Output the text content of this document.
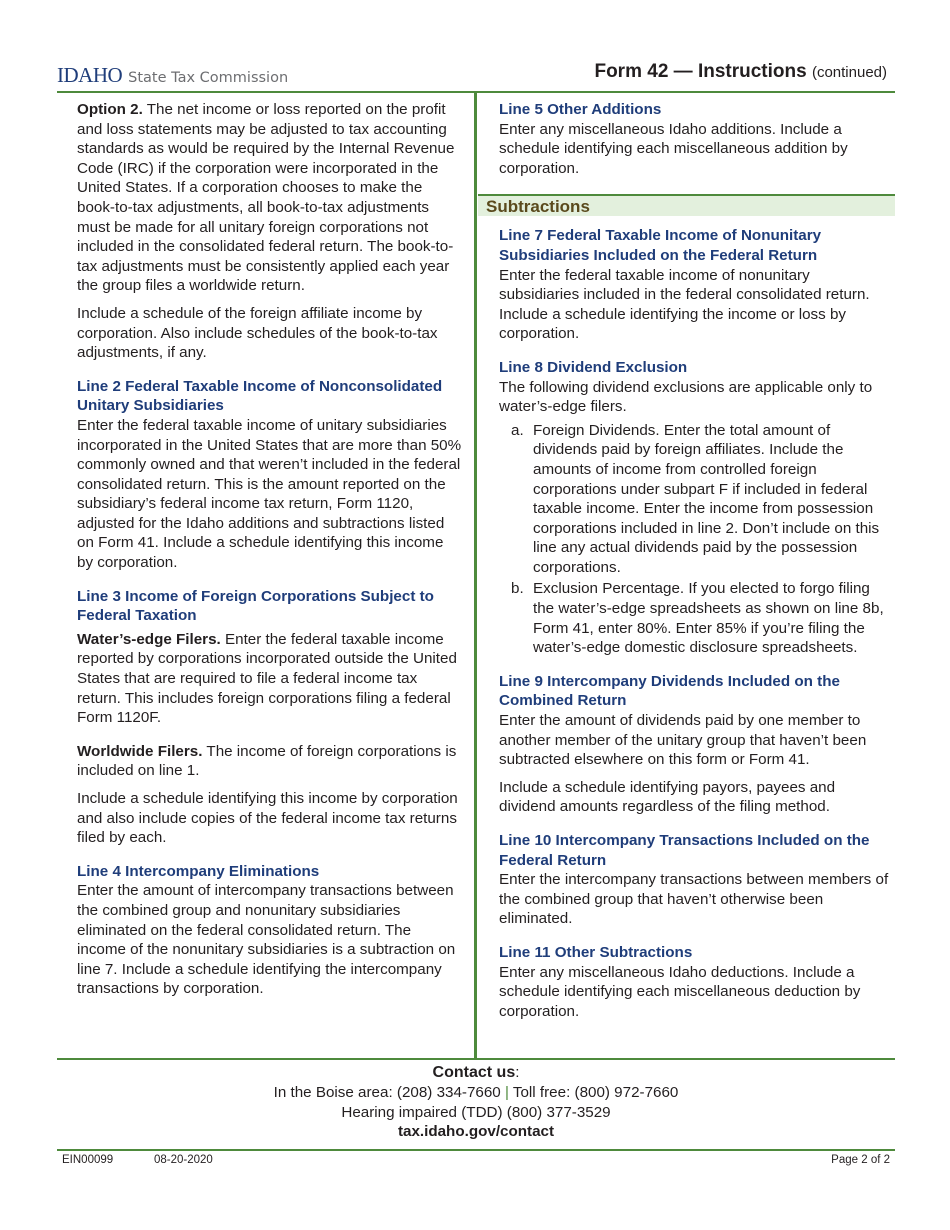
IDAHO State Tax Commission	Form 42 — Instructions (continued)

Option 2. The net income or loss reported on the profit and loss statements may be adjusted to tax accounting standards as would be required by the Internal Revenue Code (IRC) if the corporation were incorporated in the United States. If a corporation chooses to make the book-to-tax adjustments, all book-to-tax adjustments must be made for all unitary foreign corporations not included in the consolidated federal return. The book-to-tax adjustments must be consistently applied each year the group files a worldwide return.

Include a schedule of the foreign affiliate income by corporation. Also include schedules of the book-to-tax adjustments, if any.

Line 2 Federal Taxable Income of Nonconsolidated Unitary Subsidiaries

Enter the federal taxable income of unitary subsidiaries incorporated in the United States that are more than 50% commonly owned and that weren’t included in the federal consolidated return. This is the amount reported on the subsidiary’s federal income tax return, Form 1120, adjusted for the Idaho additions and subtractions listed on Form 41. Include a schedule identifying this income by corporation.

Line 3 Income of Foreign Corporations Subject to Federal Taxation

Water’s-edge Filers. Enter the federal taxable income reported by corporations incorporated outside the United States that are required to file a federal income tax return. This includes foreign corporations filing a federal Form 1120F.

Worldwide Filers. The income of foreign corporations is included on line 1.

Include a schedule identifying this income by corporation and also include copies of the federal income tax returns filed by each.

Line 4 Intercompany Eliminations

Enter the amount of intercompany transactions between the combined group and nonunitary subsidiaries eliminated on the federal consolidated return. The income of the nonunitary subsidiaries is a subtraction on line 7. Include a schedule identifying the intercompany transactions by corporation.

Subtractions
Line 5 Other Additions

Enter any miscellaneous Idaho additions. Include a schedule identifying each miscellaneous addition by corporation.

Line 7 Federal Taxable Income of Nonunitary Subsidiaries Included on the Federal Return

Enter the federal taxable income of nonunitary subsidiaries included in the federal consolidated return. Include a schedule identifying the income or loss by corporation.

Line 8 Dividend Exclusion

The following dividend exclusions are applicable only to water’s-edge filers.

a. Foreign Dividends. Enter the total amount of dividends paid by foreign affiliates. Include the amounts of income from controlled foreign corporations under subpart F if included in federal taxable income. Enter the income from possession corporations included in line 2. Don’t include on this line any actual dividends paid by the possession corporations.
b. Exclusion Percentage. If you elected to forgo filing the water’s-edge spreadsheets as shown on line 8b, Form 41, enter 80%. Enter 85% if you’re filing the water’s-edge domestic disclosure spreadsheets.
Line 9 Intercompany Dividends Included on the Combined Return

Enter the amount of dividends paid by one member to another member of the unitary group that haven’t been subtracted elsewhere on this form or Form 41.

Include a schedule identifying payors, payees and dividend amounts regardless of the filing method.

Line 10 Intercompany Transactions Included on the Federal Return

Enter the intercompany transactions between members of the combined group that haven’t otherwise been eliminated.

Line 11 Other Subtractions

Enter any miscellaneous Idaho deductions. Include a schedule identifying each miscellaneous deduction by corporation.

Contact us:
In the Boise area: (208) 334-7660 | Toll free: (800) 972-7660
Hearing impaired (TDD) (800) 377-3529
tax.idaho.gov/contact
EIN00099	08-20-2020	Page 2 of 2
